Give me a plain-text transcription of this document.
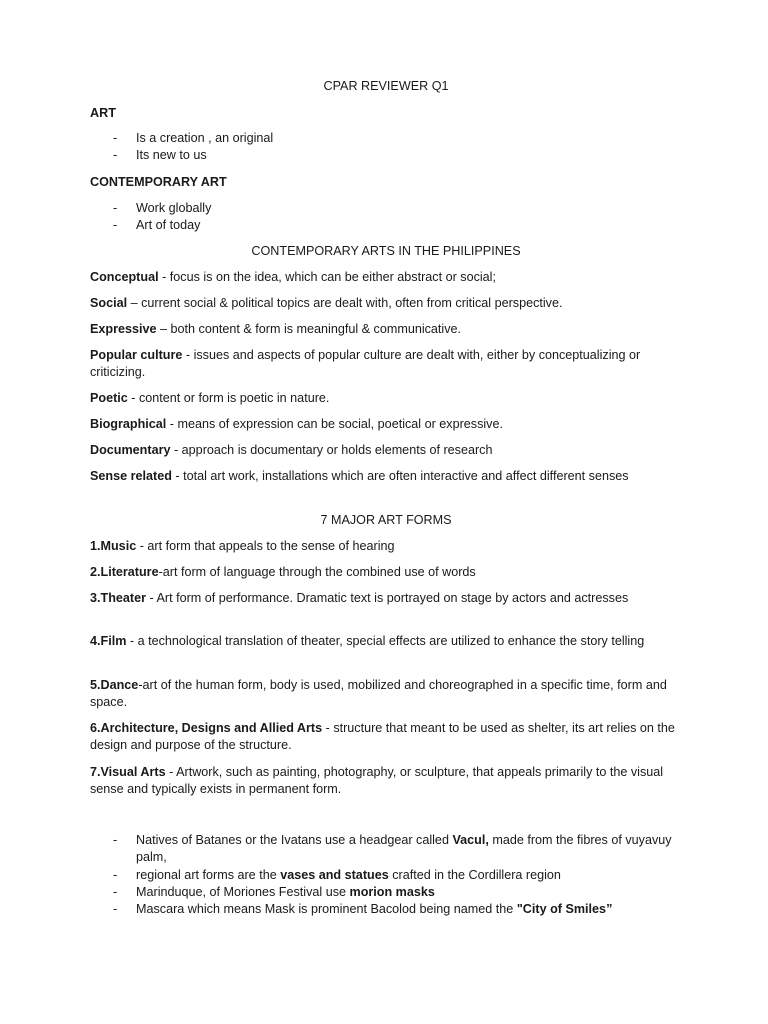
CPAR REVIEWER Q1

ART

- Is a creation , an original
- Its new to us

CONTEMPORARY ART

- Work globally
- Art of today

CONTEMPORARY ARTS IN THE PHILIPPINES

Conceptual - focus is on the idea, which can be either abstract or social;

Social – current social & political topics are dealt with, often from critical perspective.

Expressive – both content & form is meaningful & communicative.

Popular culture - issues and aspects of popular culture are dealt with, either by conceptualizing or criticizing.

Poetic - content or form is poetic in nature.

Biographical - means of expression can be social, poetical or expressive.

Documentary - approach is documentary or holds elements of research

Sense related - total art work, installations which are often interactive and affect different senses

7 MAJOR ART FORMS

1.Music - art form that appeals to the sense of hearing

2.Literature-art form of language through the combined use of words

3.Theater - Art form of performance. Dramatic text is portrayed on stage by actors and actresses

4.Film - a technological translation of theater, special effects are utilized to enhance the story telling

5.Dance-art of the human form, body is used, mobilized and choreographed in a specific time, form and space.

6.Architecture, Designs and Allied Arts - structure that meant to be used as shelter, its art relies on the design and purpose of the structure.

7.Visual Arts - Artwork, such as painting, photography, or sculpture, that appeals primarily to the visual sense and typically exists in permanent form.

- Natives of Batanes or the Ivatans use a headgear called Vacul, made from the fibres of vuyavuy palm,
- regional art forms are the vases and statues crafted in the Cordillera region
- Marinduque, of Moriones Festival use morion masks
- Mascara which means Mask is prominent Bacolod being named the "City of Smiles”
